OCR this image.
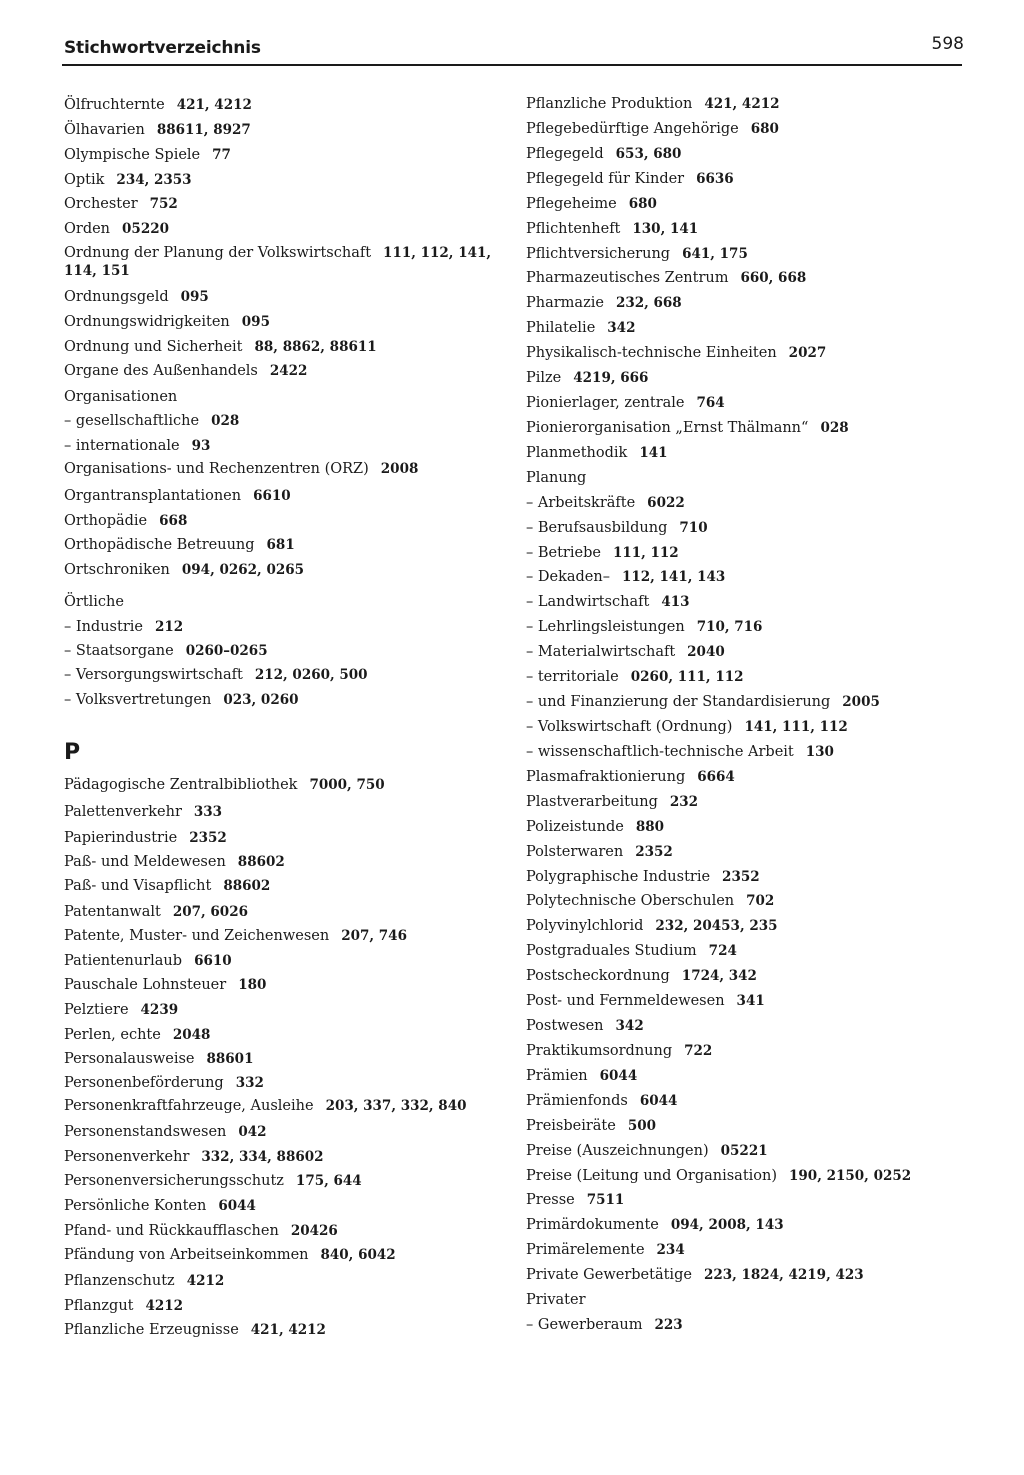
Stichwortverzeichnis	598
Ölfruchternte 421, 4212
Ölhavarien 88611, 8927
Olympische Spiele 77
Optik 234, 2353
Orchester 752
Orden 05220
Ordnung der Planung der Volkswirtschaft 111, 112, 141, 114, 151
Ordnungsgeld 095
Ordnungswidrigkeiten 095
Ordnung und Sicherheit 88, 8862, 88611
Organe des Außenhandels 2422
Organisationen
– gesellschaftliche 028
– internationale 93
Organisations- und Rechenzentren (ORZ) 2008
Organtransplantationen 6610
Orthopädie 668
Orthopädische Betreuung 681
Ortschroniken 094, 0262, 0265
Örtliche
– Industrie 212
– Staatsorgane 0260–0265
– Versorgungswirtschaft 212, 0260, 500
– Volksvertretungen 023, 0260
P
Pädagogische Zentralbibliothek 7000, 750
Palettenverkehr 333
Papierindustrie 2352
Paß- und Meldewesen 88602
Paß- und Visapflicht 88602
Patentanwalt 207, 6026
Patente, Muster- und Zeichenwesen 207, 746
Patientenurlaub 6610
Pauschale Lohnsteuer 180
Pelztiere 4239
Perlen, echte 2048
Personalausweise 88601
Personenbeförderung 332
Personenkraftfahrzeuge, Ausleihe 203, 337, 332, 840
Personenstandswesen 042
Personenverkehr 332, 334, 88602
Personenversicherungsschutz 175, 644
Persönliche Konten 6044
Pfand- und Rückkaufflaschen 20426
Pfändung von Arbeitseinkommen 840, 6042
Pflanzenschutz 4212
Pflanzgut 4212
Pflanzliche Erzeugnisse 421, 4212
Pflanzliche Produktion 421, 4212
Pflegebedürftige Angehörige 680
Pflegegeld 653, 680
Pflegegeld für Kinder 6636
Pflegeheime 680
Pflichtenheft 130, 141
Pflichtversicherung 641, 175
Pharmazeutisches Zentrum 660, 668
Pharmazie 232, 668
Philatelie 342
Physikalisch-technische Einheiten 2027
Pilze 4219, 666
Pionierlager, zentrale 764
Pionierorganisation „Ernst Thälmann“ 028
Planmethodik 141
Planung
– Arbeitskräfte 6022
– Berufsausbildung 710
– Betriebe 111, 112
– Dekaden– 112, 141, 143
– Landwirtschaft 413
– Lehrlingsleistungen 710, 716
– Materialwirtschaft 2040
– territoriale 0260, 111, 112
– und Finanzierung der Standardisierung 2005
– Volkswirtschaft (Ordnung) 141, 111, 112
– wissenschaftlich-technische Arbeit 130
Plasmafraktionierung 6664
Plastverarbeitung 232
Polizeistunde 880
Polsterwaren 2352
Polygraphische Industrie 2352
Polytechnische Oberschulen 702
Polyvinylchlorid 232, 20453, 235
Postgraduales Studium 724
Postscheckordnung 1724, 342
Post- und Fernmeldewesen 341
Postwesen 342
Praktikumsordnung 722
Prämien 6044
Prämienfonds 6044
Preisbeiräte 500
Preise (Auszeichnungen) 05221
Preise (Leitung und Organisation) 190, 2150, 0252
Presse 7511
Primärdokumente 094, 2008, 143
Primärelemente 234
Private Gewerbetätige 223, 1824, 4219, 423
Privater
– Gewerberaum 223
